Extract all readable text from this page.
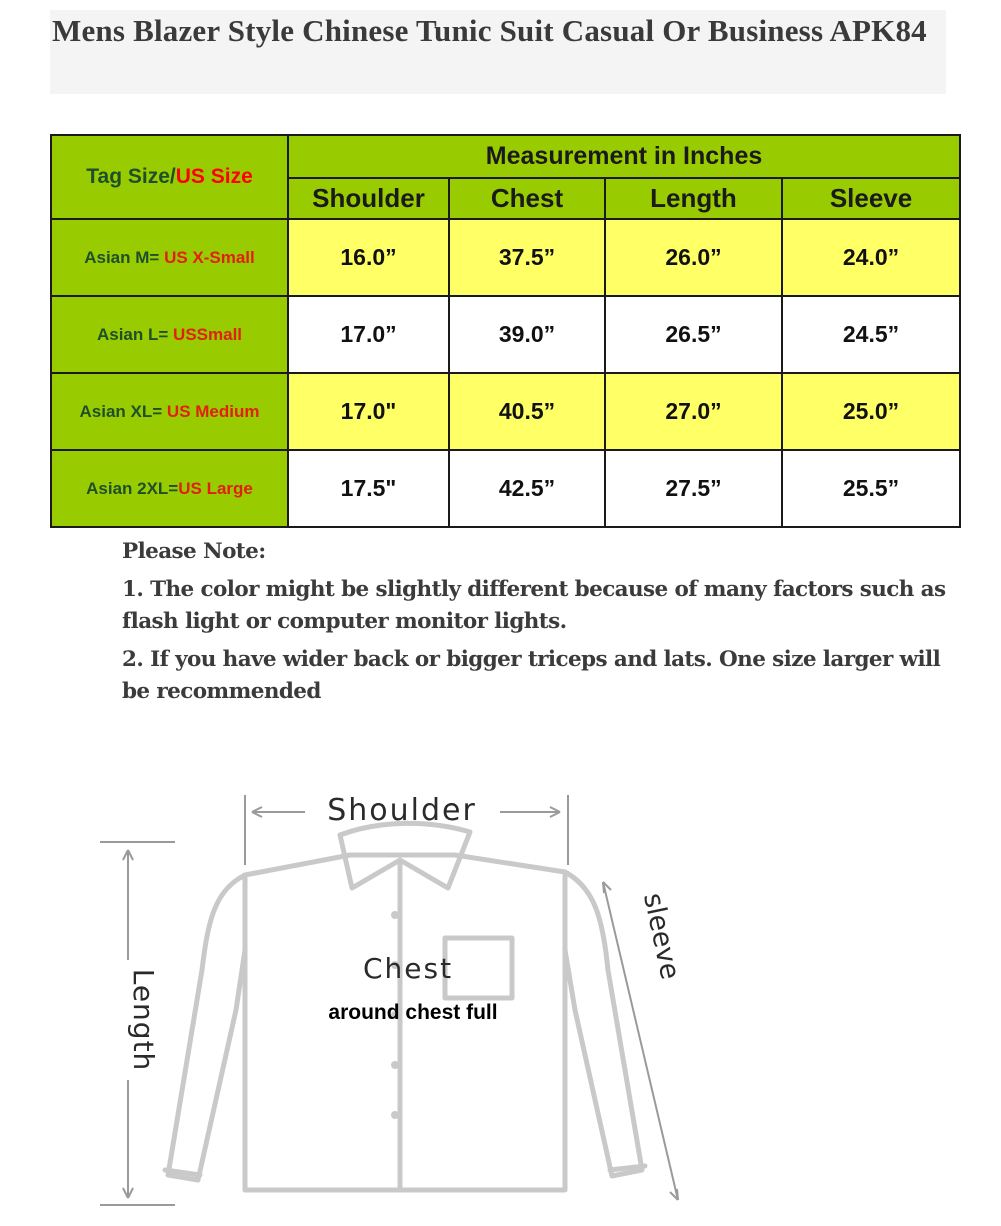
Mens Blazer Style Chinese Tunic Suit Casual Or Business APK84
Tag Size/US Size	Measurement in Inches			
	Shoulder	Chest	Length	Sleeve
Asian M= US X-Small	16.0”	37.5”	26.0”	24.0”
Asian L= USSmall	17.0”	39.0”	26.5”	24.5”
Asian XL= US Medium	17.0"	40.5”	27.0”	25.0”
Asian 2XL=US Large	17.5"	42.5”	27.5”	25.5”

Please Note:

1. The color might be slightly different because of many factors such as flash light or computer monitor lights.

2. If you have wider back or bigger triceps and lats. One size larger will be recommended

Shoulder
Chest
around chest full
Length
sleeve
